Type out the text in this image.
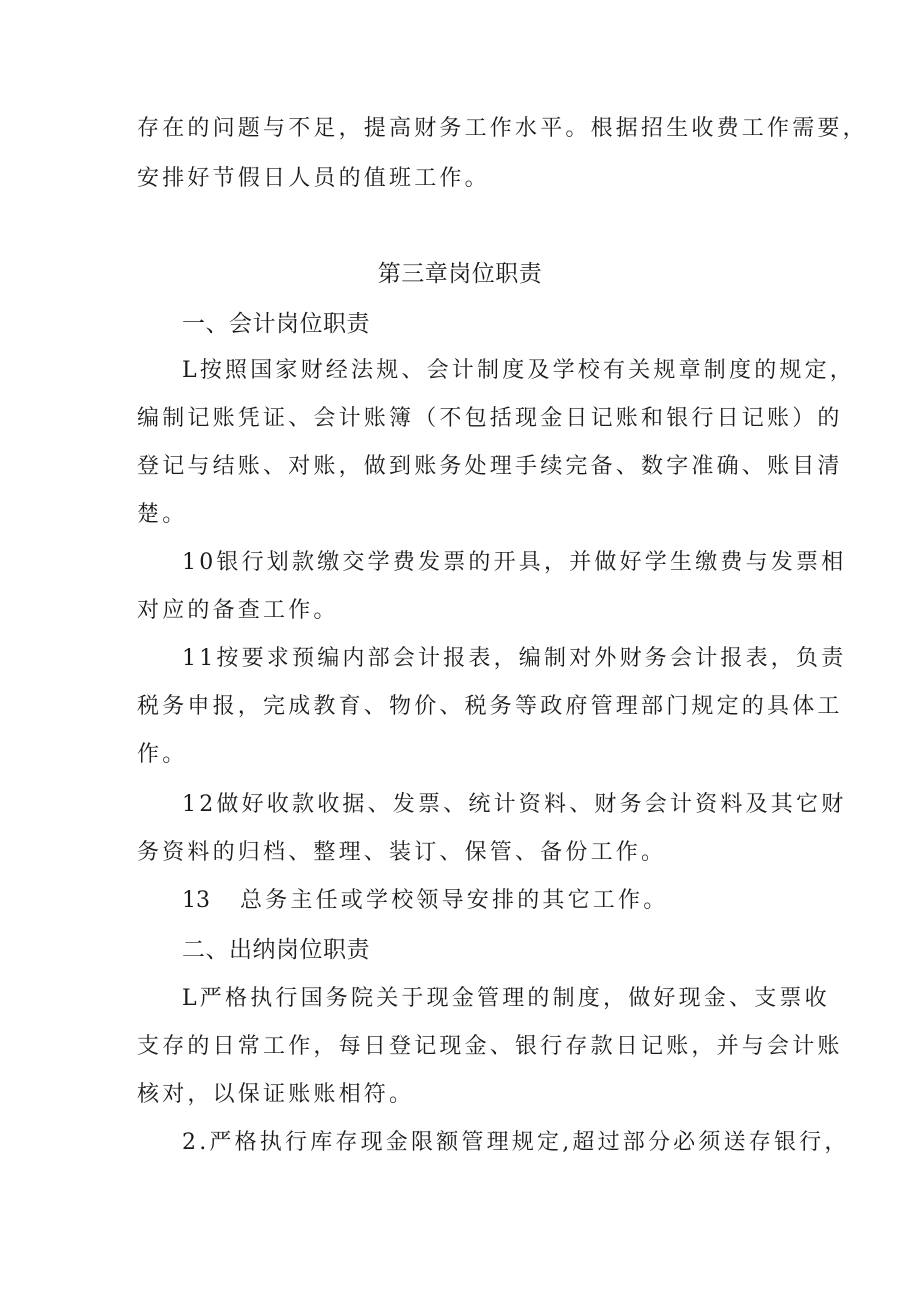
存在的问题与不足，提高财务工作水平。根据招生收费工作需要，
安排好节假日人员的值班工作。
第三章岗位职责
一、会计岗位职责
L按照国家财经法规、会计制度及学校有关规章制度的规定，
编制记账凭证、会计账簿（不包括现金日记账和银行日记账）的
登记与结账、对账，做到账务处理手续完备、数字准确、账目清
楚。
10银行划款缴交学费发票的开具，并做好学生缴费与发票相
对应的备查工作。
11按要求预编内部会计报表，编制对外财务会计报表，负责
税务申报，完成教育、物价、税务等政府管理部门规定的具体工
作。
12做好收款收据、发票、统计资料、财务会计资料及其它财
务资料的归档、整理、装订、保管、备份工作。
13 总务主任或学校领导安排的其它工作。
二、出纳岗位职责
L严格执行国务院关于现金管理的制度，做好现金、支票收
支存的日常工作，每日登记现金、银行存款日记账，并与会计账
核对，以保证账账相符。
2.严格执行库存现金限额管理规定,超过部分必须送存银行，
